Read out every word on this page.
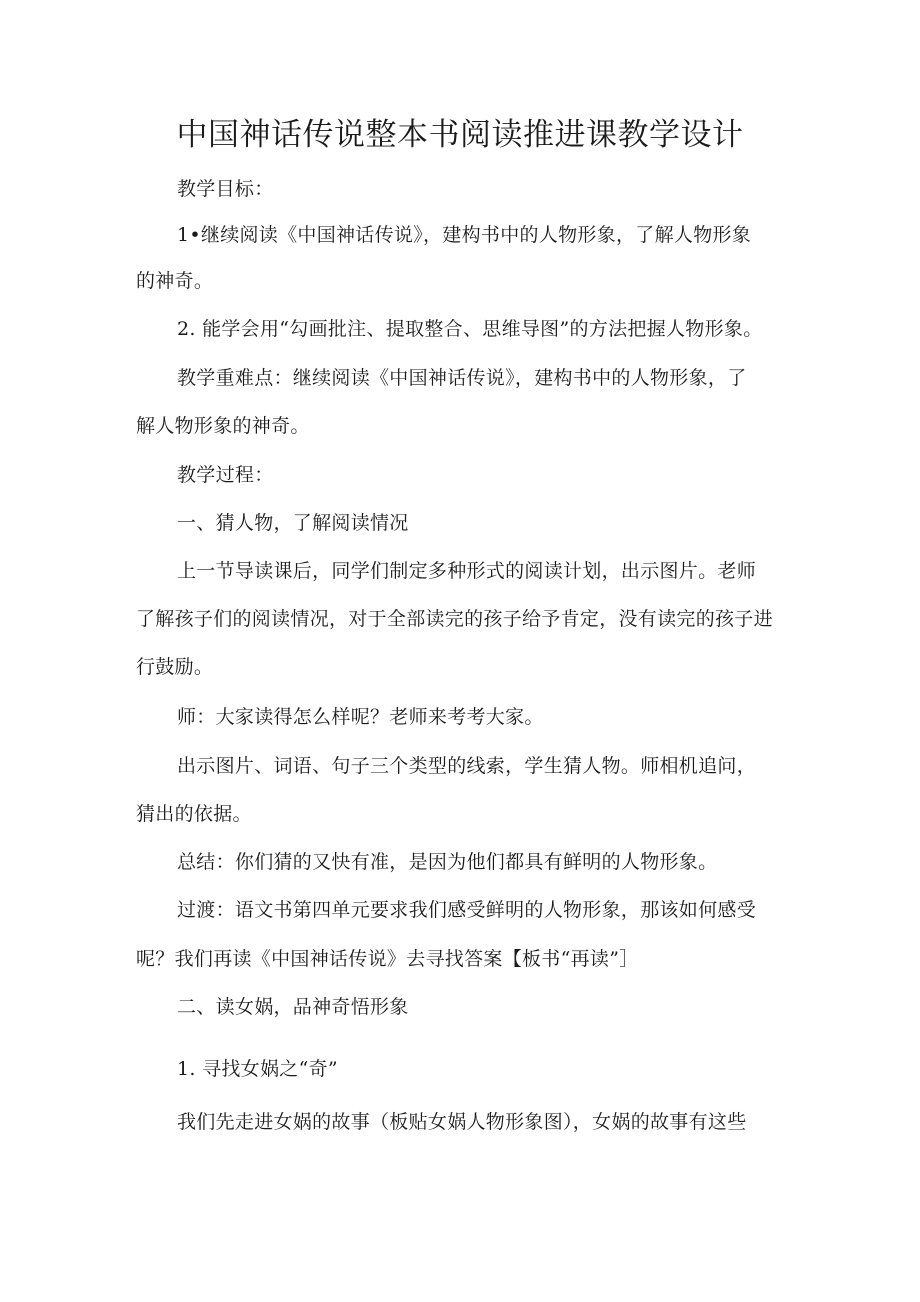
中国神话传说整本书阅读推进课教学设计
教学目标：
1•继续阅读《中国神话传说》，建构书中的人物形象，了解人物形象
的神奇。
2. 能学会用“勾画批注、提取整合、思维导图”的方法把握人物形象。
教学重难点：继续阅读《中国神话传说》，建构书中的人物形象，了
解人物形象的神奇。
教学过程：
一、猜人物，了解阅读情况
上一节导读课后，同学们制定多种形式的阅读计划，出示图片。老师
了解孩子们的阅读情况，对于全部读完的孩子给予肯定，没有读完的孩子进
行鼓励。
师：大家读得怎么样呢？老师来考考大家。
出示图片、词语、句子三个类型的线索，学生猜人物。师相机追问，
猜出的依据。
总结：你们猜的又快有准，是因为他们都具有鲜明的人物形象。
过渡：语文书第四单元要求我们感受鲜明的人物形象，那该如何感受
呢？我们再读《中国神话传说》去寻找答案【板书“再读”］
二、读女娲，品神奇悟形象
1. 寻找女娲之“奇”
我们先走进女娲的故事（板贴女娲人物形象图），女娲的故事有这些
